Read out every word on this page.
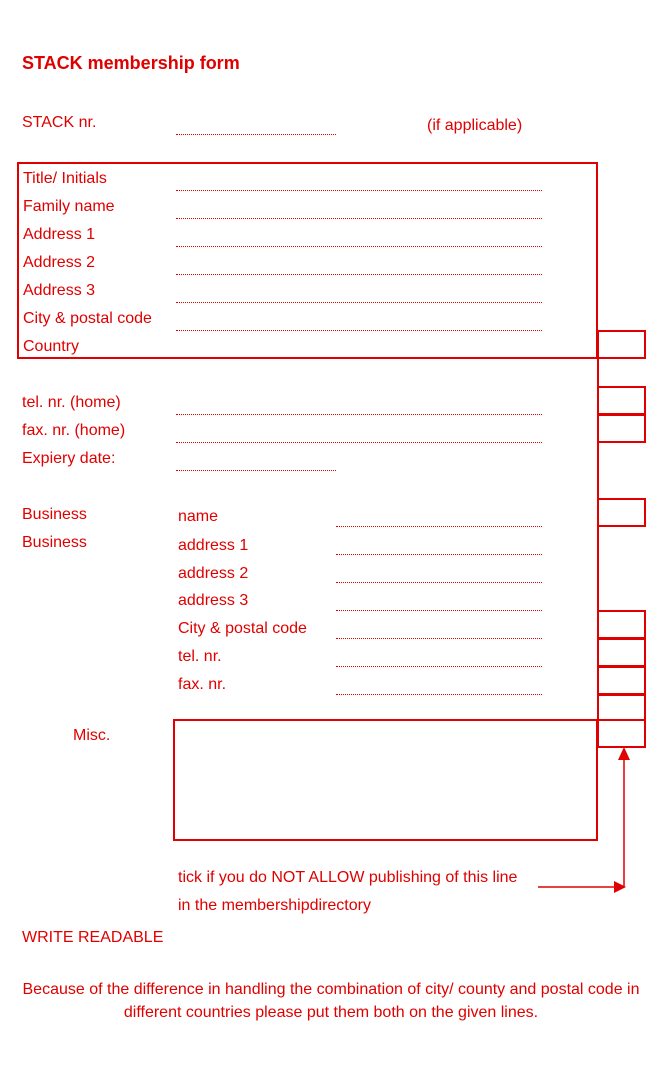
STACK membership form
STACK nr.	(if applicable)
Title/ Initials
Family name
Address 1
Address 2
Address 3
City & postal code
Country
tel. nr. (home)
fax. nr. (home)
Expiery date:
Business
Business
name
address 1
address 2
address 3
City & postal code
tel. nr.
fax. nr.
Misc.
tick if you do NOT ALLOW publishing of this line
in the membershipdirectory
WRITE READABLE
Because of the difference in handling the combination of city/ county and postal code in different countries please put them both on the given lines.
